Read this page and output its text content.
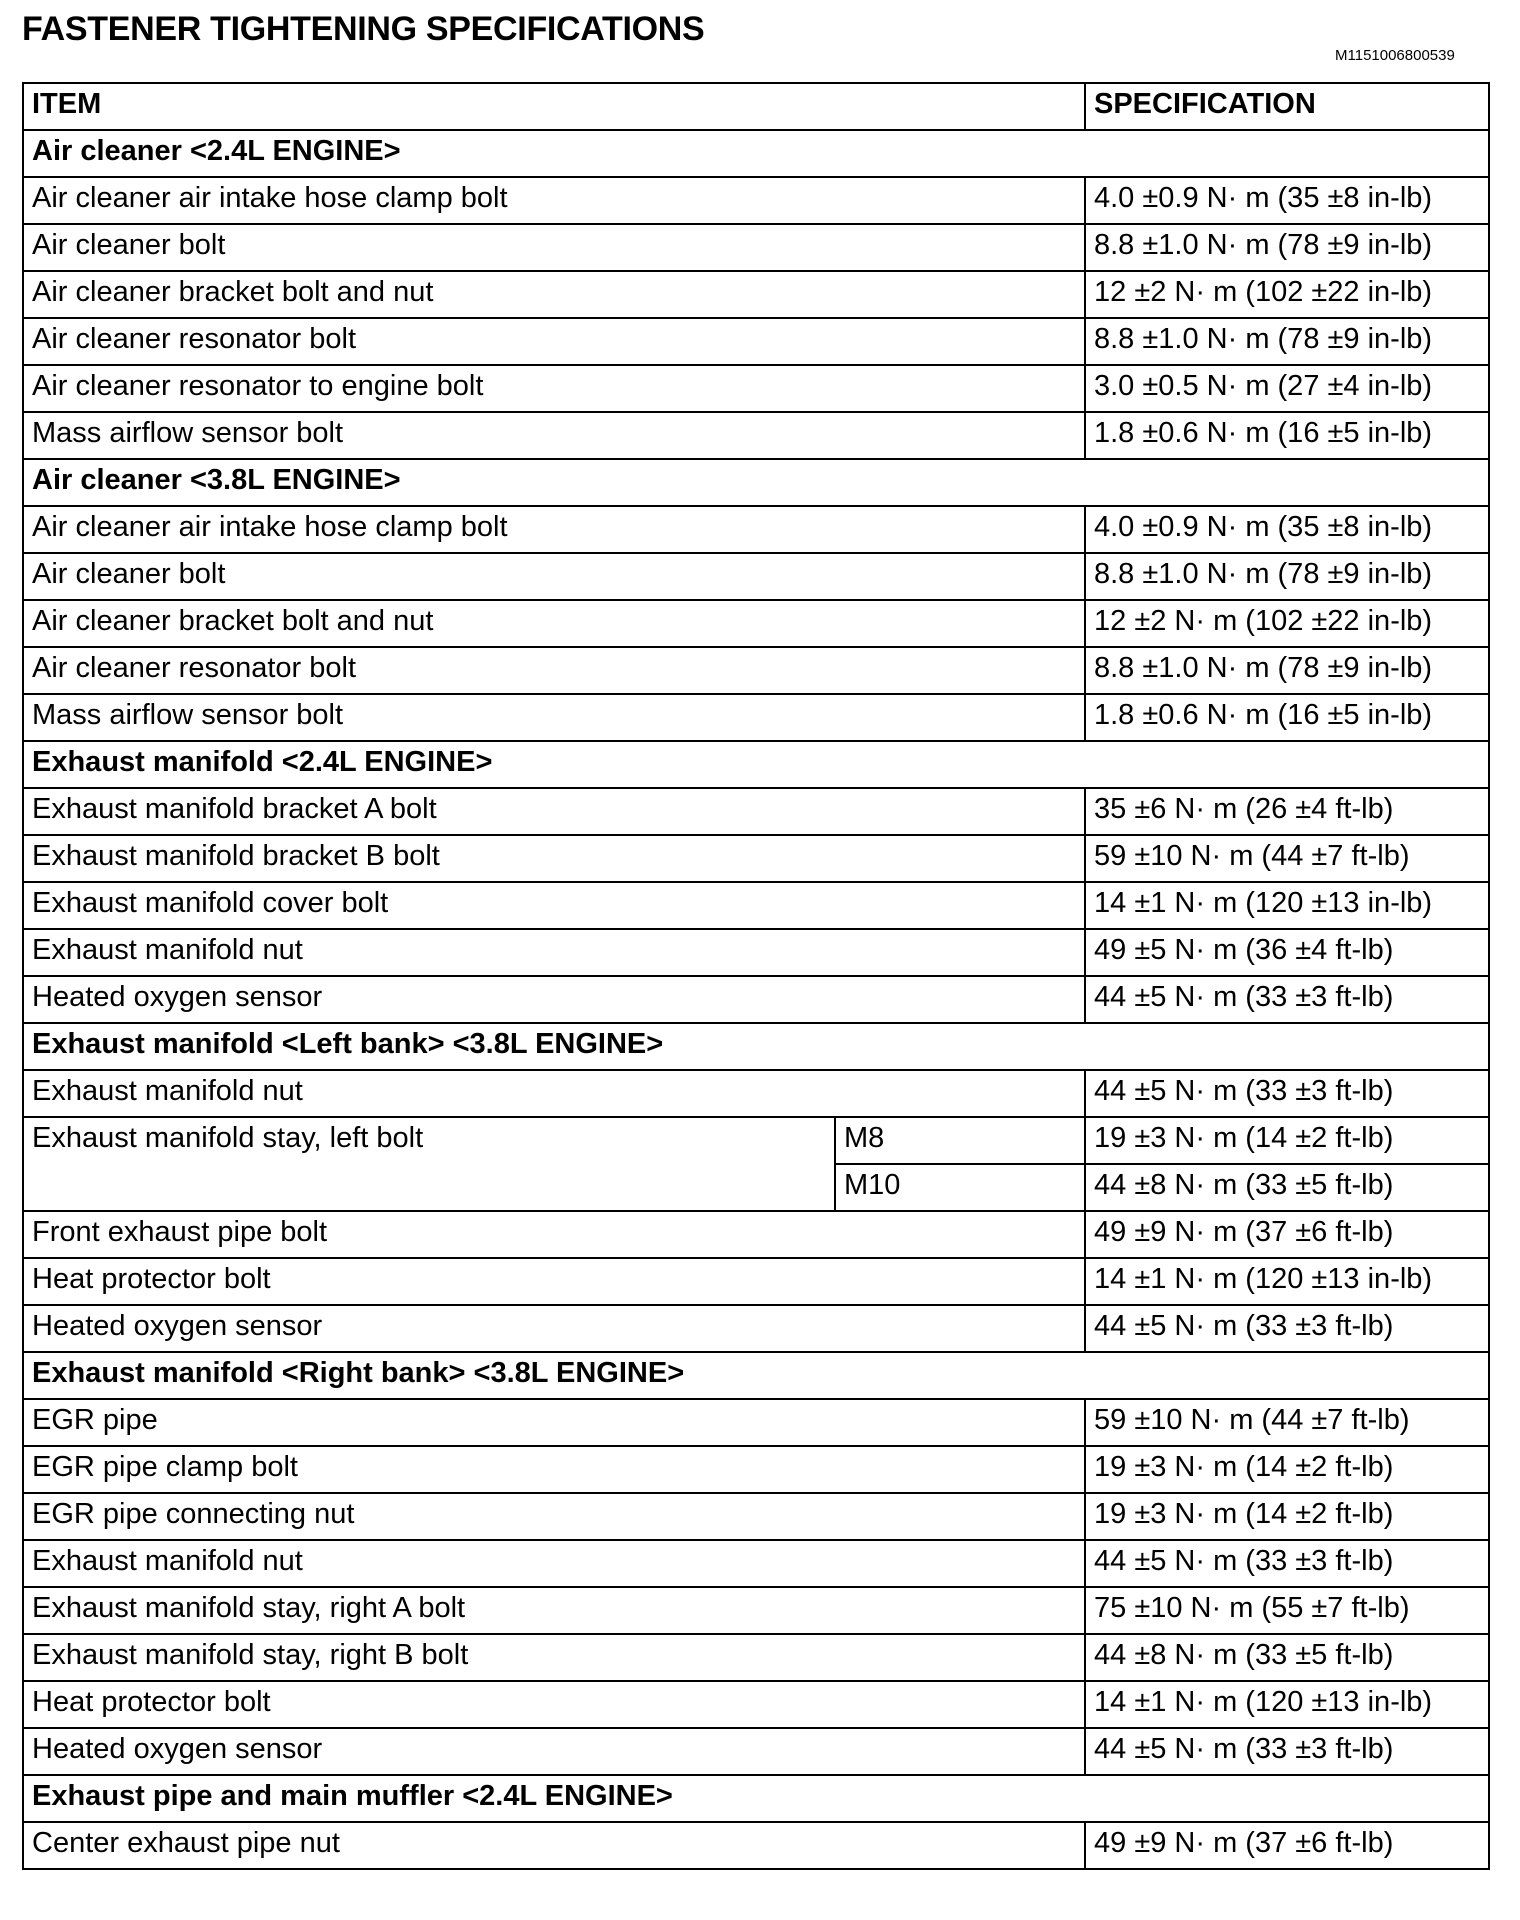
FASTENER TIGHTENING SPECIFICATIONS
M1151006800539
ITEM		SPECIFICATION
Air cleaner <2.4L ENGINE>		
Air cleaner air intake hose clamp bolt		4.0 ±0.9 N· m (35 ±8 in-lb)
Air cleaner bolt		8.8 ±1.0 N· m (78 ±9 in-lb)
Air cleaner bracket bolt and nut		12 ±2 N· m (102 ±22 in-lb)
Air cleaner resonator bolt		8.8 ±1.0 N· m (78 ±9 in-lb)
Air cleaner resonator to engine bolt		3.0 ±0.5 N· m (27 ±4 in-lb)
Mass airflow sensor bolt		1.8 ±0.6 N· m (16 ±5 in-lb)
Air cleaner <3.8L ENGINE>		
Air cleaner air intake hose clamp bolt		4.0 ±0.9 N· m (35 ±8 in-lb)
Air cleaner bolt		8.8 ±1.0 N· m (78 ±9 in-lb)
Air cleaner bracket bolt and nut		12 ±2 N· m (102 ±22 in-lb)
Air cleaner resonator bolt		8.8 ±1.0 N· m (78 ±9 in-lb)
Mass airflow sensor bolt		1.8 ±0.6 N· m (16 ±5 in-lb)
Exhaust manifold <2.4L ENGINE>		
Exhaust manifold bracket A bolt		35 ±6 N· m (26 ±4 ft-lb)
Exhaust manifold bracket B bolt		59 ±10 N· m (44 ±7 ft-lb)
Exhaust manifold cover bolt		14 ±1 N· m (120 ±13 in-lb)
Exhaust manifold nut		49 ±5 N· m (36 ±4 ft-lb)
Heated oxygen sensor		44 ±5 N· m (33 ±3 ft-lb)
Exhaust manifold <Left bank> <3.8L ENGINE>		
Exhaust manifold nut		44 ±5 N· m (33 ±3 ft-lb)
Exhaust manifold stay, left bolt	M8	19 ±3 N· m (14 ±2 ft-lb)
	M10	44 ±8 N· m (33 ±5 ft-lb)
Front exhaust pipe bolt		49 ±9 N· m (37 ±6 ft-lb)
Heat protector bolt		14 ±1 N· m (120 ±13 in-lb)
Heated oxygen sensor		44 ±5 N· m (33 ±3 ft-lb)
Exhaust manifold <Right bank> <3.8L ENGINE>		
EGR pipe		59 ±10 N· m (44 ±7 ft-lb)
EGR pipe clamp bolt		19 ±3 N· m (14 ±2 ft-lb)
EGR pipe connecting nut		19 ±3 N· m (14 ±2 ft-lb)
Exhaust manifold nut		44 ±5 N· m (33 ±3 ft-lb)
Exhaust manifold stay, right A bolt		75 ±10 N· m (55 ±7 ft-lb)
Exhaust manifold stay, right B bolt		44 ±8 N· m (33 ±5 ft-lb)
Heat protector bolt		14 ±1 N· m (120 ±13 in-lb)
Heated oxygen sensor		44 ±5 N· m (33 ±3 ft-lb)
Exhaust pipe and main muffler <2.4L ENGINE>		
Center exhaust pipe nut		49 ±9 N· m (37 ±6 ft-lb)
